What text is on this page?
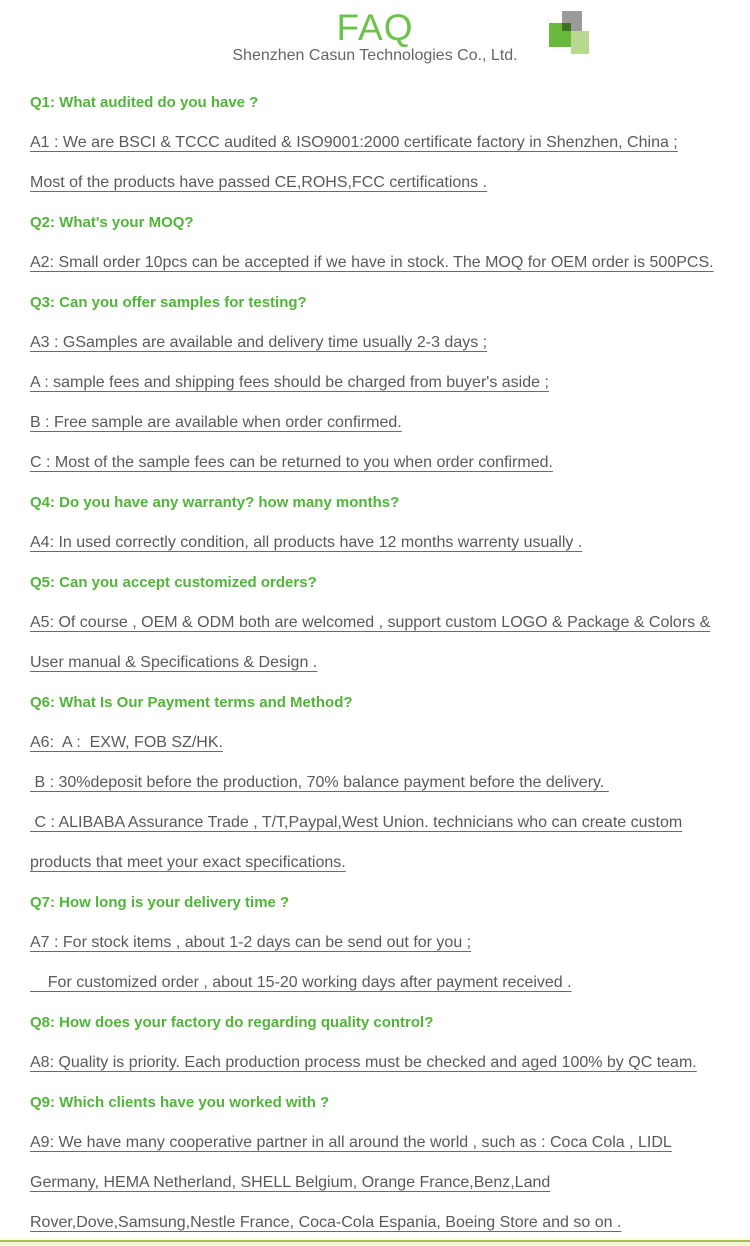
FAQ

Shenzhen Casun Technologies Co., Ltd.

Q1: What audited do you have ?

A1 : We are BSCI & TCCC audited & ISO9001:2000 certificate factory in Shenzhen, China ;

Most of the products have passed CE,ROHS,FCC certifications .

Q2: What's your MOQ?

A2: Small order 10pcs can be accepted if we have in stock. The MOQ for OEM order is 500PCS.

Q3: Can you offer samples for testing?

A3 : GSamples are available and delivery time usually 2-3 days ;

A : sample fees and shipping fees should be charged from buyer's aside ;

B : Free sample are available when order confirmed.

C : Most of the sample fees can be returned to you when order confirmed.

Q4: Do you have any warranty? how many months?

A4: In used correctly condition, all products have 12 months warrenty usually .

Q5: Can you accept customized orders?

A5: Of course , OEM & ODM both are welcomed , support custom LOGO & Package & Colors &

User manual & Specifications & Design .

Q6: What Is Our Payment terms and Method?

A6:  A :  EXW, FOB SZ/HK.

B : 30%deposit before the production, 70% balance payment before the delivery.

C : ALIBABA Assurance Trade , T/T,Paypal,West Union. technicians who can create custom

products that meet your exact specifications.

Q7: How long is your delivery time ?

A7 : For stock items , about 1-2 days can be send out for you ;

For customized order , about 15-20 working days after payment received .

Q8: How does your factory do regarding quality control?

A8: Quality is priority. Each production process must be checked and aged 100% by QC team.

Q9: Which clients have you worked with ?

A9: We have many cooperative partner in all around the world , such as : Coca Cola , LIDL

Germany, HEMA Netherland, SHELL Belgium, Orange France,Benz,Land

Rover,Dove,Samsung,Nestle France, Coca-Cola Espania, Boeing Store and so on .
